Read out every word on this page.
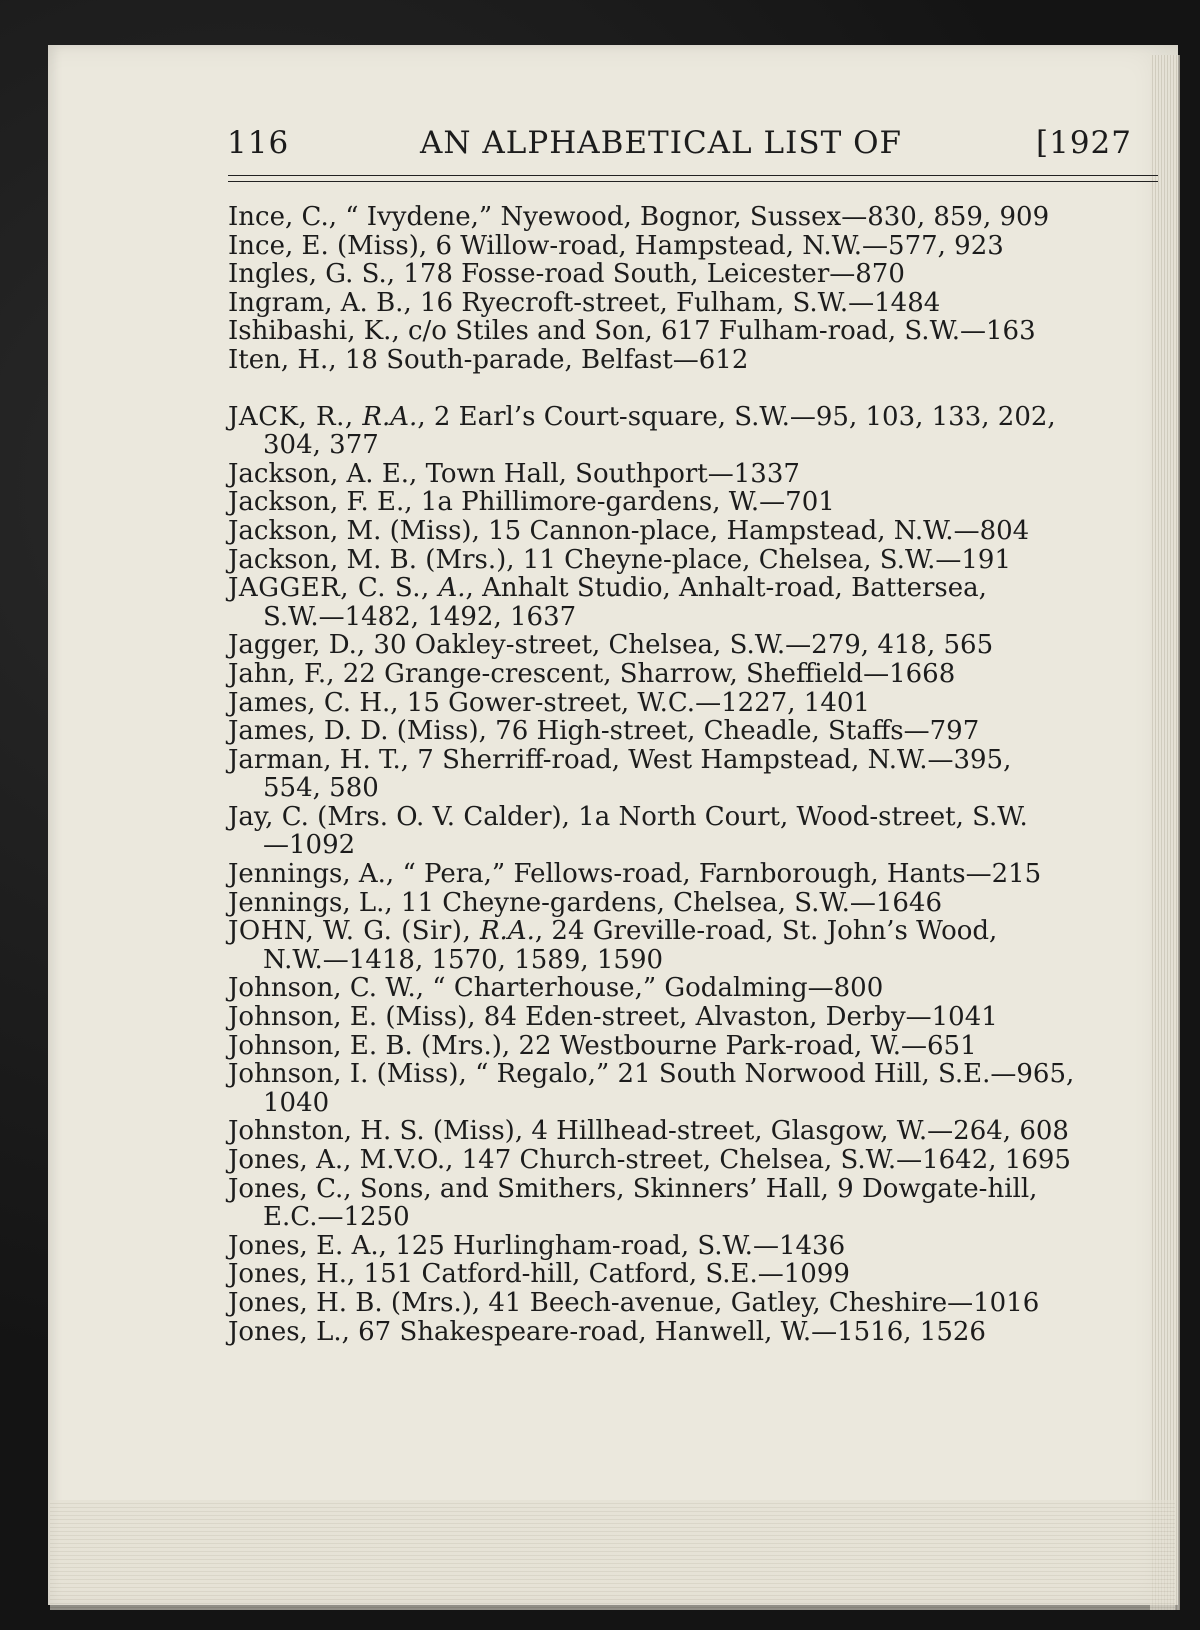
116	AN ALPHABETICAL LIST OF	[1927
Ince, C., “ Ivydene,” Nyewood, Bognor, Sussex—830, 859, 909
Ince, E. (Miss), 6 Willow-road, Hampstead, N.W.—577, 923
Ingles, G. S., 178 Fosse-road South, Leicester—870
Ingram, A. B., 16 Ryecroft-street, Fulham, S.W.—1484
Ishibashi, K., c/o Stiles and Son, 617 Fulham-road, S.W.—163
Iten, H., 18 South-parade, Belfast—612
JACK, R., R.A., 2 Earl’s Court-square, S.W.—95, 103, 133, 202,
304, 377
Jackson, A. E., Town Hall, Southport—1337
Jackson, F. E., 1a Phillimore-gardens, W.—701
Jackson, M. (Miss), 15 Cannon-place, Hampstead, N.W.—804
Jackson, M. B. (Mrs.), 11 Cheyne-place, Chelsea, S.W.—191
JAGGER, C. S., A., Anhalt Studio, Anhalt-road, Battersea,
S.W.—1482, 1492, 1637
Jagger, D., 30 Oakley-street, Chelsea, S.W.—279, 418, 565
Jahn, F., 22 Grange-crescent, Sharrow, Sheffield—1668
James, C. H., 15 Gower-street, W.C.—1227, 1401
James, D. D. (Miss), 76 High-street, Cheadle, Staffs—797
Jarman, H. T., 7 Sherriff-road, West Hampstead, N.W.—395,
554, 580
Jay, C. (Mrs. O. V. Calder), 1a North Court, Wood-street, S.W.
—1092
Jennings, A., “ Pera,” Fellows-road, Farnborough, Hants—215
Jennings, L., 11 Cheyne-gardens, Chelsea, S.W.—1646
JOHN, W. G. (Sir), R.A., 24 Greville-road, St. John’s Wood,
N.W.—1418, 1570, 1589, 1590
Johnson, C. W., “ Charterhouse,” Godalming—800
Johnson, E. (Miss), 84 Eden-street, Alvaston, Derby—1041
Johnson, E. B. (Mrs.), 22 Westbourne Park-road, W.—651
Johnson, I. (Miss), “ Regalo,” 21 South Norwood Hill, S.E.—965,
1040
Johnston, H. S. (Miss), 4 Hillhead-street, Glasgow, W.—264, 608
Jones, A., M.V.O., 147 Church-street, Chelsea, S.W.—1642, 1695
Jones, C., Sons, and Smithers, Skinners’ Hall, 9 Dowgate-hill,
E.C.—1250
Jones, E. A., 125 Hurlingham-road, S.W.—1436
Jones, H., 151 Catford-hill, Catford, S.E.—1099
Jones, H. B. (Mrs.), 41 Beech-avenue, Gatley, Cheshire—1016
Jones, L., 67 Shakespeare-road, Hanwell, W.—1516, 1526
